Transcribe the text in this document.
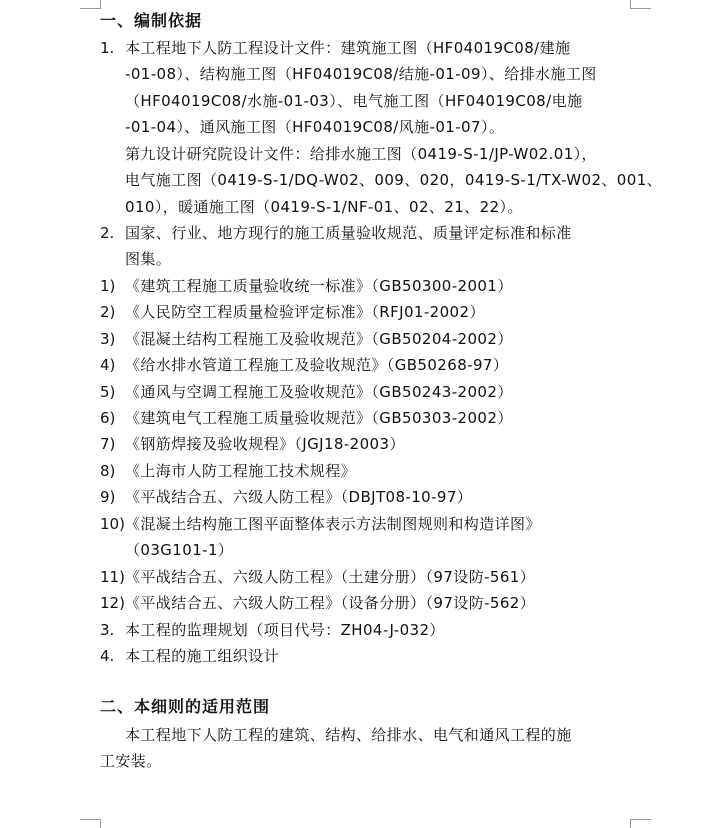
一、编制依据
1. 本工程地下人防工程设计文件：建筑施工图（HF04019C08/建施
-01-08）、结构施工图（HF04019C08/结施-01-09）、给排水施工图
（HF04019C08/水施-01-03）、电气施工图（HF04019C08/电施
-01-04）、通风施工图（HF04019C08/风施-01-07）。
第九设计研究院设计文件：给排水施工图（0419-S-1/JP-W02.01），
电气施工图（0419-S-1/DQ-W02、009、020，0419-S-1/TX-W02、001、
010），暖通施工图（0419-S-1/NF-01、02、21、22）。
2. 国家、行业、地方现行的施工质量验收规范、质量评定标准和标准
图集。
1) 《建筑工程施工质量验收统一标准》（GB50300-2001）
2) 《人民防空工程质量检验评定标准》（RFJ01-2002）
3) 《混凝土结构工程施工及验收规范》（GB50204-2002）
4) 《给水排水管道工程施工及验收规范》（GB50268-97）
5) 《通风与空调工程施工及验收规范》（GB50243-2002）
6) 《建筑电气工程施工质量验收规范》（GB50303-2002）
7) 《钢筋焊接及验收规程》（JGJ18-2003）
8) 《上海市人防工程施工技术规程》
9) 《平战结合五、六级人防工程》（DBJT08-10-97）
10) 《混凝土结构施工图平面整体表示方法制图规则和构造详图》
（03G101-1）
11) 《平战结合五、六级人防工程》（土建分册）（97设防-561）
12) 《平战结合五、六级人防工程》（设备分册）（97设防-562）
3. 本工程的监理规划（项目代号：ZH04-J-032）
4. 本工程的施工组织设计
二、本细则的适用范围
本工程地下人防工程的建筑、结构、给排水、电气和通风工程的施
工安装。
